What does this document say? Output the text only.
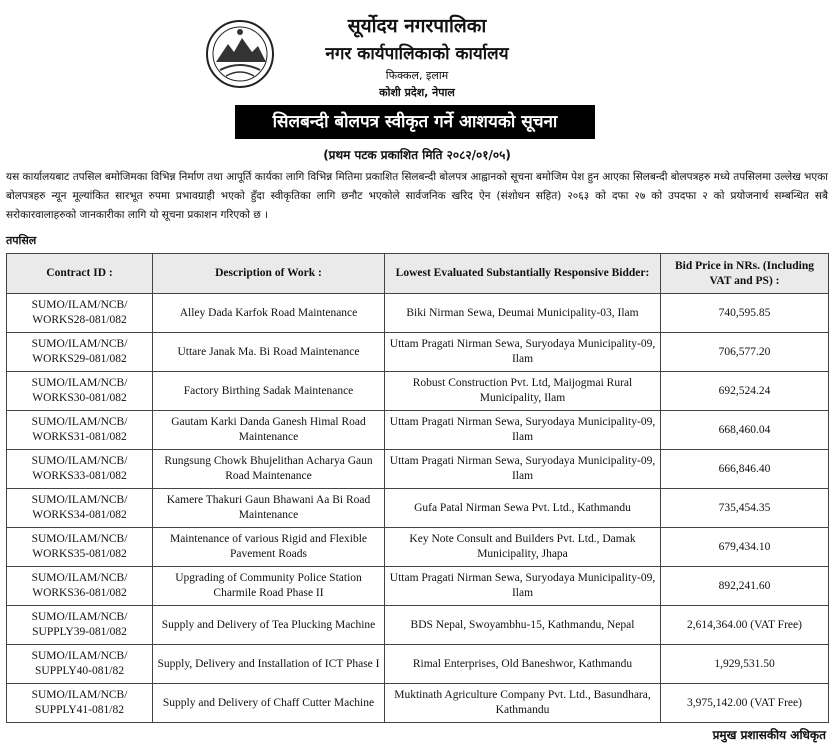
सूर्योदय नगरपालिका
नगर कार्यपालिकाको कार्यालय
फिक्कल, इलाम
कोशी प्रदेश, नेपाल
सिलबन्दी बोलपत्र स्वीकृत गर्ने आशयको सूचना
(प्रथम पटक प्रकाशित मिति २०८२/०१/०५)
यस कार्यालयबाट तपसिल बमोजिमका विभिन्न निर्माण तथा आपूर्ति कार्यका लागि विभिन्न मितिमा प्रकाशित सिलबन्दी बोलपत्र आह्वानको सूचना बमोजिम पेश हुन आएका सिलबन्दी बोलपत्रहरु मध्ये तपसिलमा उल्लेख भएका बोलपत्रहरु न्यून मूल्यांकित सारभूत रुपमा प्रभावग्राही भएको हुँदा स्वीकृतिका लागि छनौट भएकोले सार्वजनिक खरिद ऐन (संशोधन सहित) २०६३ को दफा २७ को उपदफा २ को प्रयोजनार्थ सम्बन्धित सबै सरोकारवालाहरुको जानकारीका लागि यो सूचना प्रकाशन गरिएको छ ।
तपसिल
Contract ID :	Description of Work :	Lowest Evaluated Substantially Responsive Bidder:	Bid Price in NRs. (Including VAT and PS) :
SUMO/ILAM/NCB/ WORKS28-081/082	Alley Dada Karfok Road Maintenance	Biki Nirman Sewa, Deumai Municipality-03, Ilam	740,595.85
SUMO/ILAM/NCB/ WORKS29-081/082	Uttare Janak Ma. Bi Road Maintenance	Uttam Pragati Nirman Sewa, Suryodaya Municipality-09, Ilam	706,577.20
SUMO/ILAM/NCB/ WORKS30-081/082	Factory Birthing Sadak Maintenance	Robust Construction Pvt. Ltd, Maijogmai Rural Municipality, Ilam	692,524.24
SUMO/ILAM/NCB/ WORKS31-081/082	Gautam Karki Danda Ganesh Himal Road Maintenance	Uttam Pragati Nirman Sewa, Suryodaya Municipality-09, Ilam	668,460.04
SUMO/ILAM/NCB/ WORKS33-081/082	Rungsung Chowk Bhujelithan Acharya Gaun Road Maintenance	Uttam Pragati Nirman Sewa, Suryodaya Municipality-09, Ilam	666,846.40
SUMO/ILAM/NCB/ WORKS34-081/082	Kamere Thakuri Gaun Bhawani Aa Bi Road Maintenance	Gufa Patal Nirman Sewa Pvt. Ltd., Kathmandu	735,454.35
SUMO/ILAM/NCB/ WORKS35-081/082	Maintenance of various Rigid and Flexible Pavement Roads	Key Note Consult and Builders Pvt. Ltd., Damak Municipality, Jhapa	679,434.10
SUMO/ILAM/NCB/ WORKS36-081/082	Upgrading of Community Police Station Charmile Road Phase II	Uttam Pragati Nirman Sewa, Suryodaya Municipality-09, Ilam	892,241.60
SUMO/ILAM/NCB/ SUPPLY39-081/082	Supply and Delivery of Tea Plucking Machine	BDS Nepal, Swoyambhu-15, Kathmandu, Nepal	2,614,364.00 (VAT Free)
SUMO/ILAM/NCB/ SUPPLY40-081/82	Supply, Delivery and Installation of ICT Phase I	Rimal Enterprises, Old Baneshwor, Kathmandu	1,929,531.50
SUMO/ILAM/NCB/ SUPPLY41-081/82	Supply and Delivery of Chaff Cutter Machine	Muktinath Agriculture Company Pvt. Ltd., Basundhara, Kathmandu	3,975,142.00 (VAT Free)
प्रमुख प्रशासकीय अधिकृत
